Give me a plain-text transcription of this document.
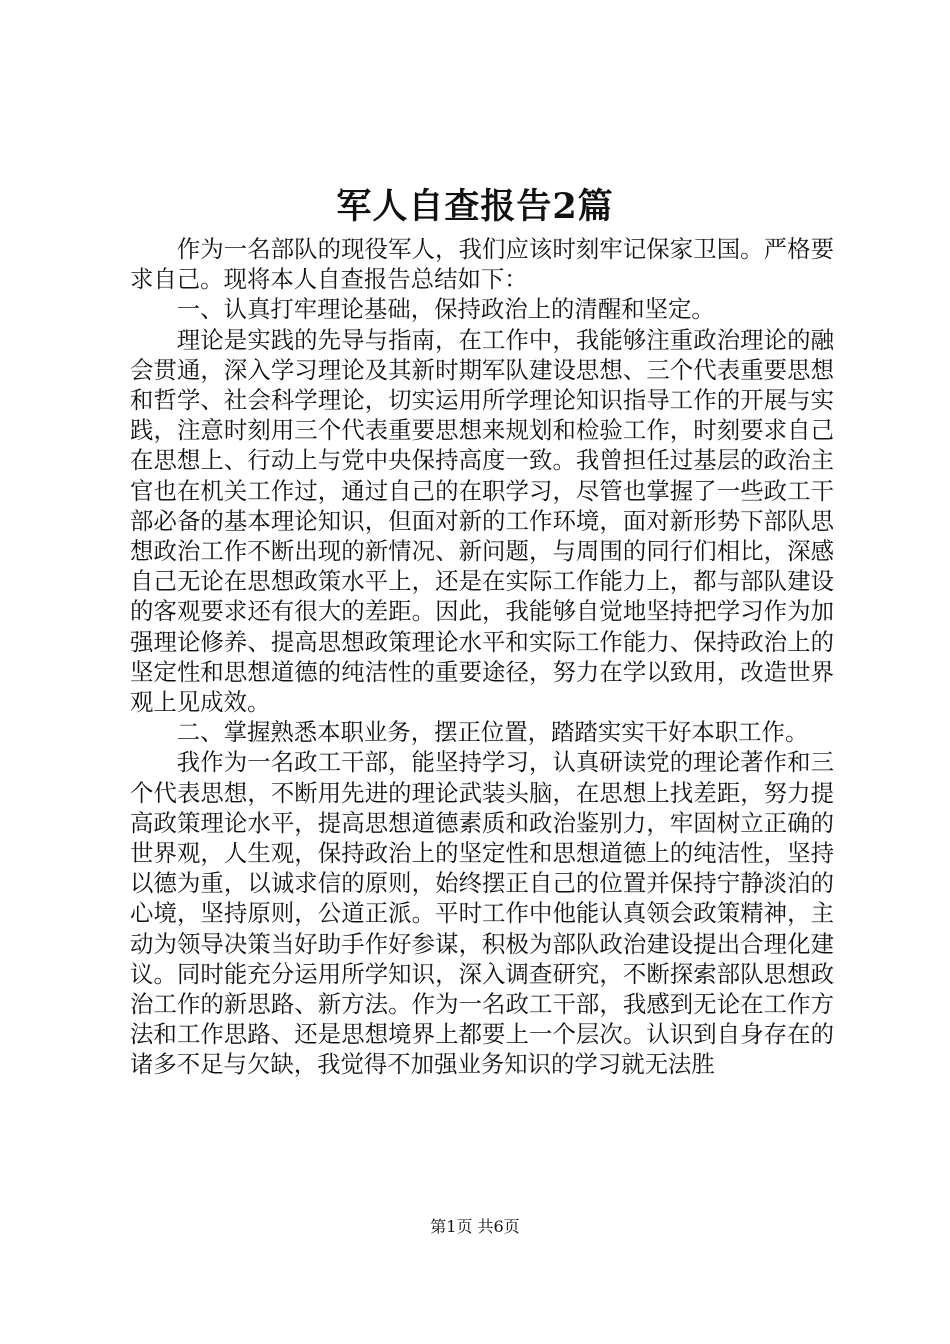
军人自查报告2篇

作为一名部队的现役军人，我们应该时刻牢记保家卫国。严格要求自己。现将本人自查报告总结如下：

一、认真打牢理论基础，保持政治上的清醒和坚定。

理论是实践的先导与指南，在工作中，我能够注重政治理论的融会贯通，深入学习理论及其新时期军队建设思想、三个代表重要思想和哲学、社会科学理论，切实运用所学理论知识指导工作的开展与实践，注意时刻用三个代表重要思想来规划和检验工作，时刻要求自己在思想上、行动上与党中央保持高度一致。我曾担任过基层的政治主官也在机关工作过，通过自己的在职学习，尽管也掌握了一些政工干部必备的基本理论知识，但面对新的工作环境，面对新形势下部队思想政治工作不断出现的新情况、新问题，与周围的同行们相比，深感自己无论在思想政策水平上，还是在实际工作能力上，都与部队建设的客观要求还有很大的差距。因此，我能够自觉地坚持把学习作为加强理论修养、提高思想政策理论水平和实际工作能力、保持政治上的坚定性和思想道德的纯洁性的重要途径，努力在学以致用，改造世界观上见成效。

二、掌握熟悉本职业务，摆正位置，踏踏实实干好本职工作。

我作为一名政工干部，能坚持学习，认真研读党的理论著作和三个代表思想，不断用先进的理论武装头脑，在思想上找差距，努力提高政策理论水平，提高思想道德素质和政治鉴别力，牢固树立正确的世界观，人生观，保持政治上的坚定性和思想道德上的纯洁性，坚持以德为重，以诚求信的原则，始终摆正自己的位置并保持宁静淡泊的心境，坚持原则，公道正派。平时工作中他能认真领会政策精神，主动为领导决策当好助手作好参谋，积极为部队政治建设提出合理化建议。同时能充分运用所学知识，深入调查研究，不断探索部队思想政治工作的新思路、新方法。作为一名政工干部，我感到无论在工作方法和工作思路、还是思想境界上都要上一个层次。认识到自身存在的诸多不足与欠缺，我觉得不加强业务知识的学习就无法胜

第1页 共6页
